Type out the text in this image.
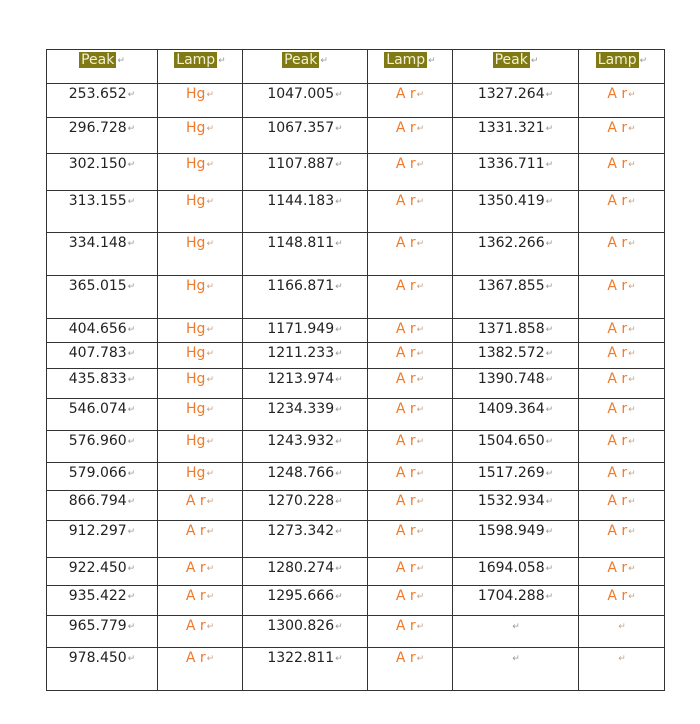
Peak ↵	Lamp ↵	Peak ↵	Lamp ↵	Peak ↵	Lamp ↵

253.652↵	Hg↵	1047.005↵	A r↵	1327.264↵	A r↵

296.728↵	Hg↵	1067.357↵	A r↵	1331.321↵	A r↵

302.150↵	Hg↵	1107.887↵	A r↵	1336.711↵	A r↵

313.155↵	Hg↵	1144.183↵	A r↵	1350.419↵	A r↵

334.148↵	Hg↵	1148.811↵	A r↵	1362.266↵	A r↵

365.015↵	Hg↵	1166.871↵	A r↵	1367.855↵	A r↵

404.656↵	Hg↵	1171.949↵	A r↵	1371.858↵	A r↵

407.783↵	Hg↵	1211.233↵	A r↵	1382.572↵	A r↵

435.833↵	Hg↵	1213.974↵	A r↵	1390.748↵	A r↵

546.074↵	Hg↵	1234.339↵	A r↵	1409.364↵	A r↵

576.960↵	Hg↵	1243.932↵	A r↵	1504.650↵	A r↵

579.066↵	Hg↵	1248.766↵	A r↵	1517.269↵	A r↵

866.794↵	A r↵	1270.228↵	A r↵	1532.934↵	A r↵

912.297↵	A r↵	1273.342↵	A r↵	1598.949↵	A r↵

922.450↵	A r↵	1280.274↵	A r↵	1694.058↵	A r↵

935.422↵	A r↵	1295.666↵	A r↵	1704.288↵	A r↵

965.779↵	A r↵	1300.826↵	A r↵	↵	↵

978.450↵	A r↵	1322.811↵	A r↵	↵	↵
